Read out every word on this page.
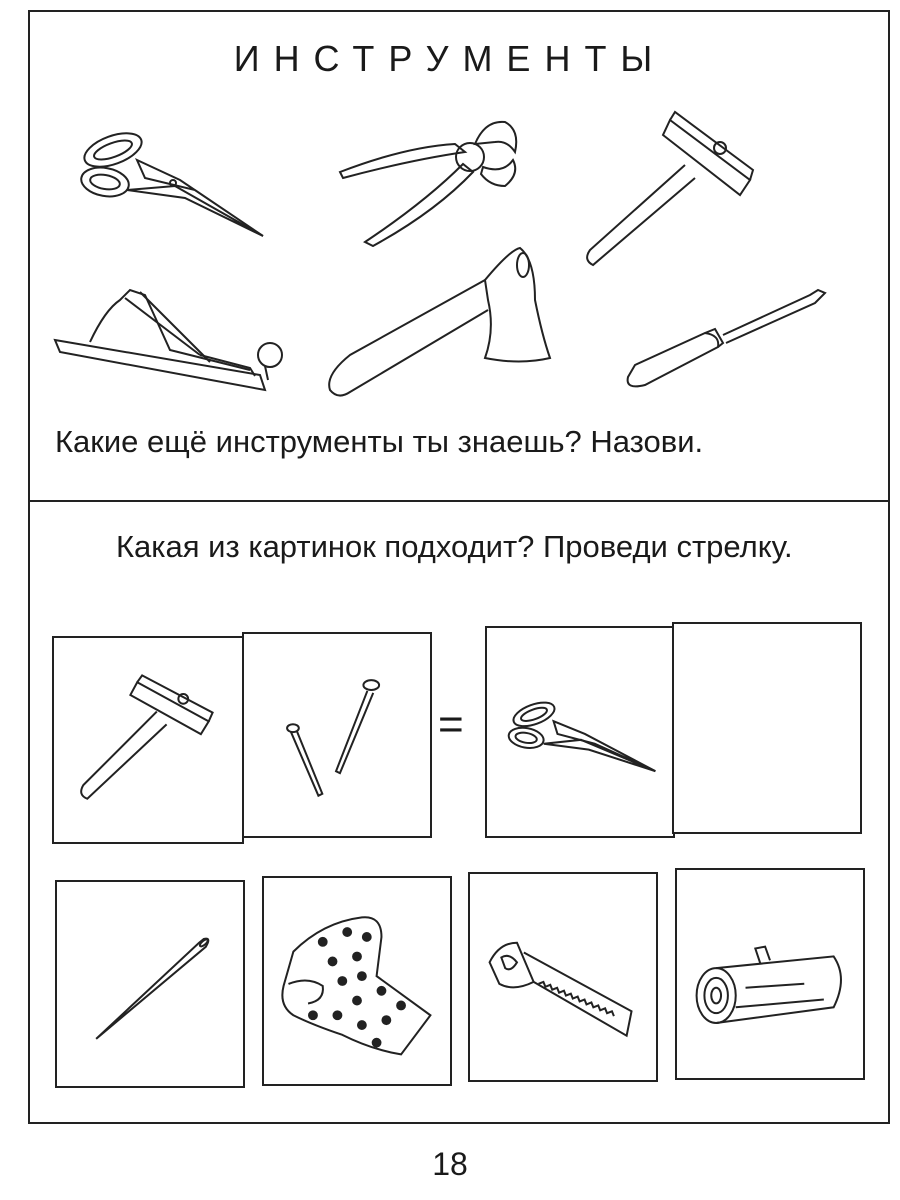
ИНСТРУМЕНТЫ
Какие ещё инструменты ты знаешь? Назови.
Какая из картинок подходит? Проведи стрелку.
=
18
